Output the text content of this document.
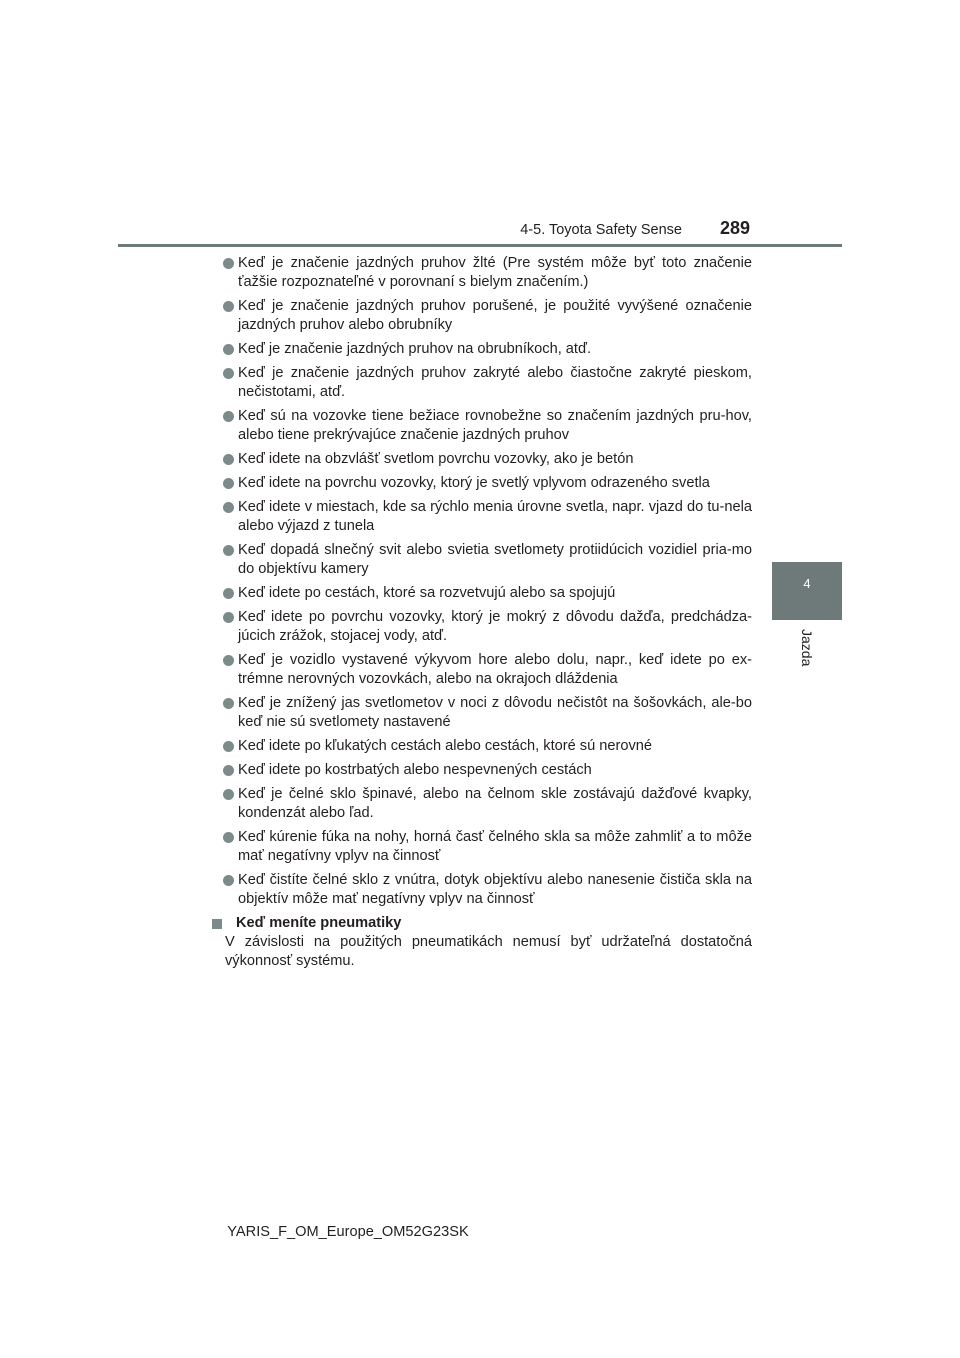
4-5. Toyota Safety Sense 289
4
Jazda
Keď je značenie jazdných pruhov žlté (Pre systém môže byť toto značenie ťažšie rozpoznateľné v porovnaní s bielym značením.)
Keď je značenie jazdných pruhov porušené, je použité vyvýšené označenie jazdných pruhov alebo obrubníky
Keď je značenie jazdných pruhov na obrubníkoch, atď.
Keď je značenie jazdných pruhov zakryté alebo čiastočne zakryté pieskom, nečistotami, atď.
Keď sú na vozovke tiene bežiace rovnobežne so značením jazdných pru-hov, alebo tiene prekrývajúce značenie jazdných pruhov
Keď idete na obzvlášť svetlom povrchu vozovky, ako je betón
Keď idete na povrchu vozovky, ktorý je svetlý vplyvom odrazeného svetla
Keď idete v miestach, kde sa rýchlo menia úrovne svetla, napr. vjazd do tu-nela alebo výjazd z tunela
Keď dopadá slnečný svit alebo svietia svetlomety protiidúcich vozidiel pria-mo do objektívu kamery
Keď idete po cestách, ktoré sa rozvetvujú alebo sa spojujú
Keď idete po povrchu vozovky, ktorý je mokrý z dôvodu dažďa, predchádza-júcich zrážok, stojacej vody, atď.
Keď je vozidlo vystavené výkyvom hore alebo dolu, napr., keď idete po ex-trémne nerovných vozovkách, alebo na okrajoch dláždenia
Keď je znížený jas svetlometov v noci z dôvodu nečistôt na šošovkách, ale-bo keď nie sú svetlomety nastavené
Keď idete po kľukatých cestách alebo cestách, ktoré sú nerovné
Keď idete po kostrbatých alebo nespevnených cestách
Keď je čelné sklo špinavé, alebo na čelnom skle zostávajú dažďové kvapky, kondenzát alebo ľad.
Keď kúrenie fúka na nohy, horná časť čelného skla sa môže zahmliť a to môže mať negatívny vplyv na činnosť
Keď čistíte čelné sklo z vnútra, dotyk objektívu alebo nanesenie čističa skla na objektív môže mať negatívny vplyv na činnosť
Keď meníte pneumatiky

V závislosti na použitých pneumatikách nemusí byť udržateľná dostatočná výkonnosť systému.

YARIS_F_OM_Europe_OM52G23SK
